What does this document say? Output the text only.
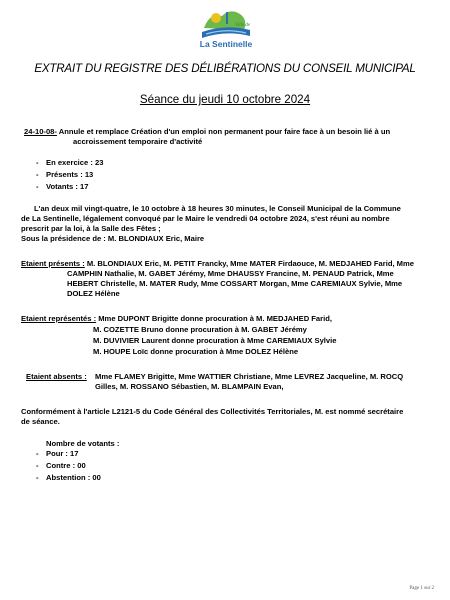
Ville de
La Sentinelle
EXTRAIT DU REGISTRE DES DÉLIBÉRATIONS DU CONSEIL MUNICIPAL
Séance du jeudi 10 octobre 2024
24-10-08- Annule et remplace Création d'un emploi non permanent pour faire face à un besoin lié à un
accroissement temporaire d'activité
- En exercice : 23
- Présents : 13
- Votants : 17
L'an deux mil vingt-quatre, le 10 octobre à 18 heures 30 minutes, le Conseil Municipal de la Commune
de La Sentinelle, légalement convoqué par le Maire le vendredi 04 octobre 2024, s'est réuni au nombre
prescrit par la loi, à la Salle des Fêtes ;
Sous la présidence de : M. BLONDIAUX Eric, Maire
Etaient présents : M. BLONDIAUX Eric, M. PETIT Francky, Mme MATER Firdaouce, M. MEDJAHED Farid, Mme
CAMPHIN Nathalie, M. GABET Jérémy, Mme DHAUSSY Francine, M. PENAUD Patrick, Mme
HEBERT Christelle, M. MATER Rudy, Mme COSSART Morgan, Mme CAREMIAUX Sylvie, Mme
DOLEZ Hélène
Etaient représentés : Mme DUPONT Brigitte donne procuration à M. MEDJAHED Farid,
M. COZETTE Bruno donne procuration à M. GABET Jérémy
M. DUVIVIER Laurent donne procuration à Mme CAREMIAUX Sylvie
M. HOUPE Loïc donne procuration à Mme DOLEZ Hélène
Etaient absents : Mme FLAMEY Brigitte, Mme WATTIER Christiane, Mme LEVREZ Jacqueline, M. ROCQ
Gilles, M. ROSSANO Sébastien, M. BLAMPAIN Evan,
Conformément à l'article L2121-5 du Code Général des Collectivités Territoriales, M. est nommé secrétaire
de séance.
Nombre de votants :
- Pour : 17
- Contre : 00
- Abstention : 00
Page 1 sur 2
